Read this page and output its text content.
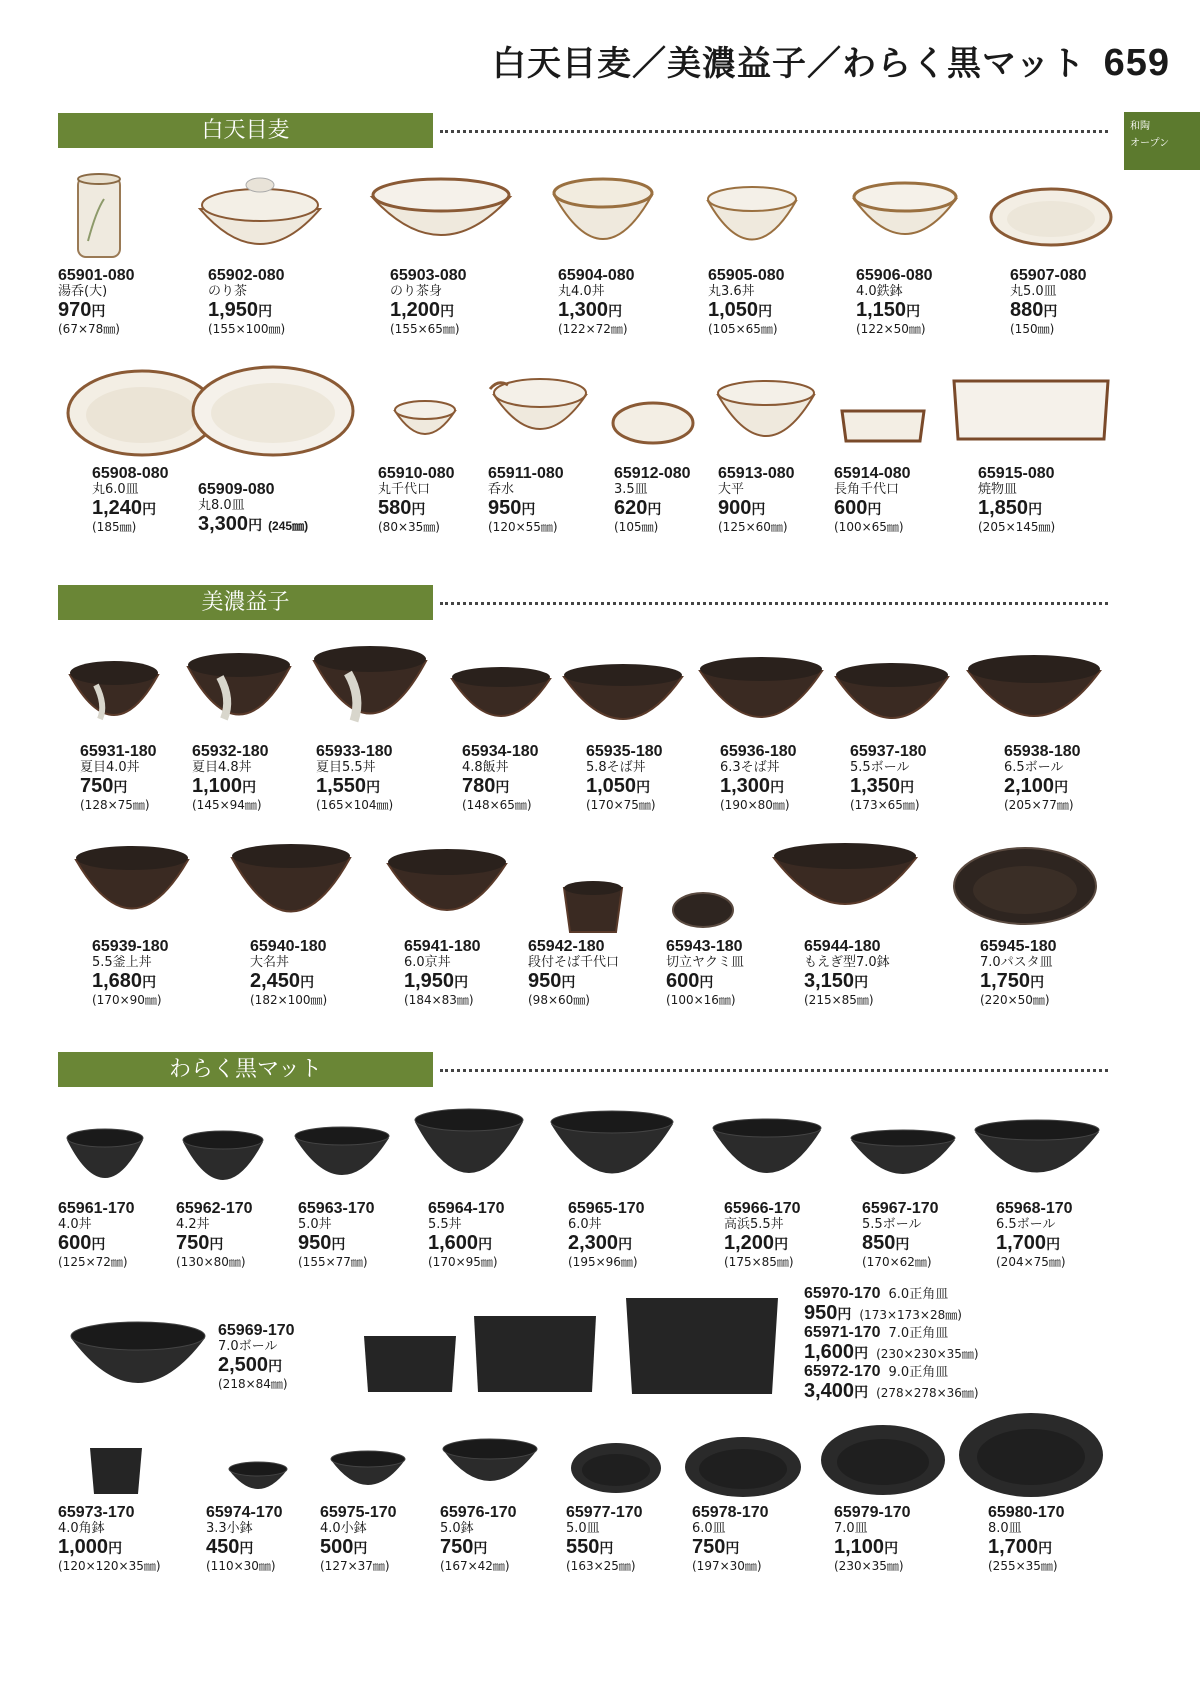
白天目麦／美濃益子／わらく黒マット 659
和陶
オープン
白天目麦
美濃益子
わらく黒マット
65901-080
湯呑(大)
970円
(67×78㎜)
65902-080
のり茶
1,950円
(155×100㎜)
65903-080
のり茶身
1,200円
(155×65㎜)
65904-080
丸4.0丼
1,300円
(122×72㎜)
65905-080
丸3.6丼
1,050円
(105×65㎜)
65906-080
4.0鉄鉢
1,150円
(122×50㎜)
65907-080
丸5.0皿
880円
(150㎜)
65908-080
丸6.0皿
1,240円
(185㎜)
65909-080
丸8.0皿
3,300円 (245㎜)
65910-080
丸千代口
580円
(80×35㎜)
65911-080
呑水
950円
(120×55㎜)
65912-080
3.5皿
620円
(105㎜)
65913-080
大平
900円
(125×60㎜)
65914-080
長角千代口
600円
(100×65㎜)
65915-080
焼物皿
1,850円
(205×145㎜)
65931-180
夏目4.0丼
750円
(128×75㎜)
65932-180
夏目4.8丼
1,100円
(145×94㎜)
65933-180
夏目5.5丼
1,550円
(165×104㎜)
65934-180
4.8飯丼
780円
(148×65㎜)
65935-180
5.8そば丼
1,050円
(170×75㎜)
65936-180
6.3そば丼
1,300円
(190×80㎜)
65937-180
5.5ボール
1,350円
(173×65㎜)
65938-180
6.5ボール
2,100円
(205×77㎜)
65939-180
5.5釜上丼
1,680円
(170×90㎜)
65940-180
大名丼
2,450円
(182×100㎜)
65941-180
6.0京丼
1,950円
(184×83㎜)
65942-180
段付そば千代口
950円
(98×60㎜)
65943-180
切立ヤクミ皿
600円
(100×16㎜)
65944-180
もえぎ型7.0鉢
3,150円
(215×85㎜)
65945-180
7.0パスタ皿
1,750円
(220×50㎜)
65961-170
4.0丼
600円
(125×72㎜)
65962-170
4.2丼
750円
(130×80㎜)
65963-170
5.0丼
950円
(155×77㎜)
65964-170
5.5丼
1,600円
(170×95㎜)
65965-170
6.0丼
2,300円
(195×96㎜)
65966-170
高浜5.5丼
1,200円
(175×85㎜)
65967-170
5.5ボール
850円
(170×62㎜)
65968-170
6.5ボール
1,700円
(204×75㎜)
65969-170
7.0ボール
2,500円
(218×84㎜)
65970-170 6.0正角皿
950円 (173×173×28㎜)
65971-170 7.0正角皿
1,600円 (230×230×35㎜)
65972-170 9.0正角皿
3,400円 (278×278×36㎜)
65973-170
4.0角鉢
1,000円
(120×120×35㎜)
65974-170
3.3小鉢
450円
(110×30㎜)
65975-170
4.0小鉢
500円
(127×37㎜)
65976-170
5.0鉢
750円
(167×42㎜)
65977-170
5.0皿
550円
(163×25㎜)
65978-170
6.0皿
750円
(197×30㎜)
65979-170
7.0皿
1,100円
(230×35㎜)
65980-170
8.0皿
1,700円
(255×35㎜)
